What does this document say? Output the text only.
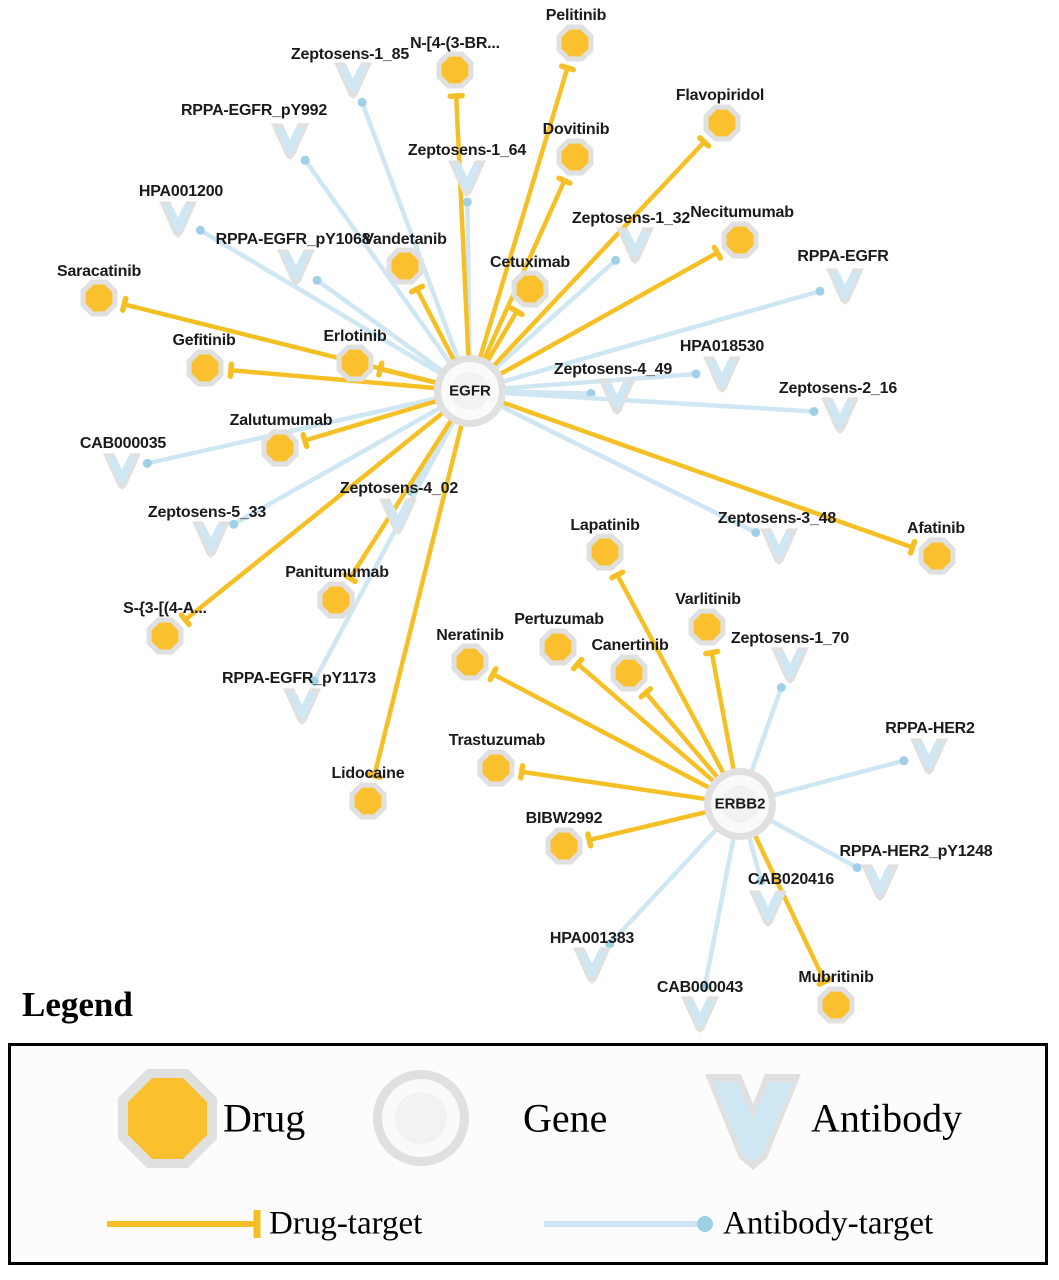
Zeptosens-1_85
RPPA-EGFR_pY992
Zeptosens-1_64
HPA001200
Zeptosens-1_32
RPPA-EGFR_pY1068
RPPA-EGFR
HPA018530
Zeptosens-4_49
Zeptosens-2_16
CAB000035
Zeptosens-4_02
Zeptosens-5_33	Zeptosens-3_48
Zeptosens-1_70
RPPA-EGFR_pY1173
RPPA-HER2
RPPA-HER2_pY1248
CAB020416
HPA001383
CAB000043
Pelitinib
N-[4-(3-BR...
Flavopiridol
Dovitinib
Necitumumab
Vandetanib
Cetuximab
Saracatinib
Erlotinib
Gefitinib
Zalutumumab
Afatinib
Lapatinib
Varlitinib
Panitumumab
S-{3-[(4-A...
Pertuzumab
Neratinib
Canertinib
Trastuzumab
Lidocaine
BIBW2992
Mubritinib
EGFR
ERBB2
Legend
Drug	Gene	Antibody
Drug-target	Antibody-target
